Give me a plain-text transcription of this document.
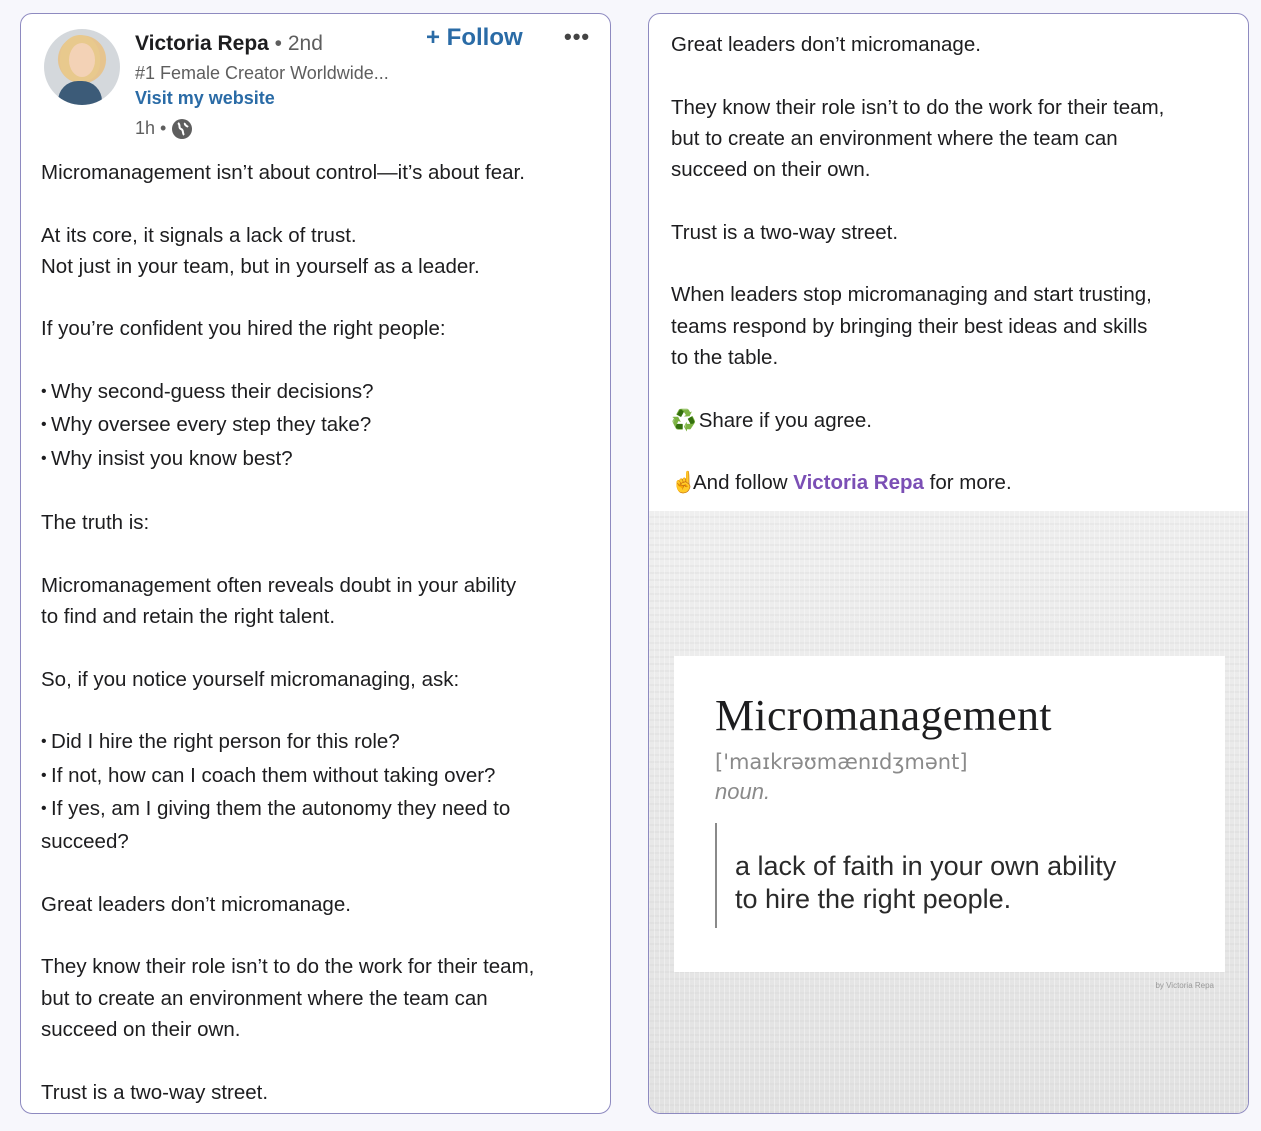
Victoria Repa • 2nd
#1 Female Creator Worldwide...
Visit my website
1h •
+ Follow •••

Micromanagement isn’t about control—it’s about fear.

At its core, it signals a lack of trust.
Not just in your team, but in yourself as a leader.

If you’re confident you hired the right people:

• Why second-guess their decisions?
• Why oversee every step they take?
• Why insist you know best?

The truth is:

Micromanagement often reveals doubt in your ability
to find and retain the right talent.

So, if you notice yourself micromanaging, ask:

• Did I hire the right person for this role?
• If not, how can I coach them without taking over?
• If yes, am I giving them the autonomy they need to
succeed?

Great leaders don’t micromanage.

They know their role isn’t to do the work for their team,
but to create an environment where the team can
succeed on their own.

Trust is a two-way street.

Great leaders don’t micromanage.

They know their role isn’t to do the work for their team,
but to create an environment where the team can
succeed on their own.

Trust is a two-way street.

When leaders stop micromanaging and start trusting,
teams respond by bringing their best ideas and skills
to the table.

♻️ Share if you agree.

☝️And follow Victoria Repa for more.

Micromanagement
['maɪkrəʊmænɪdʒmənt]
noun.
a lack of faith in your own ability
to hire the right people.
by Victoria Repa
